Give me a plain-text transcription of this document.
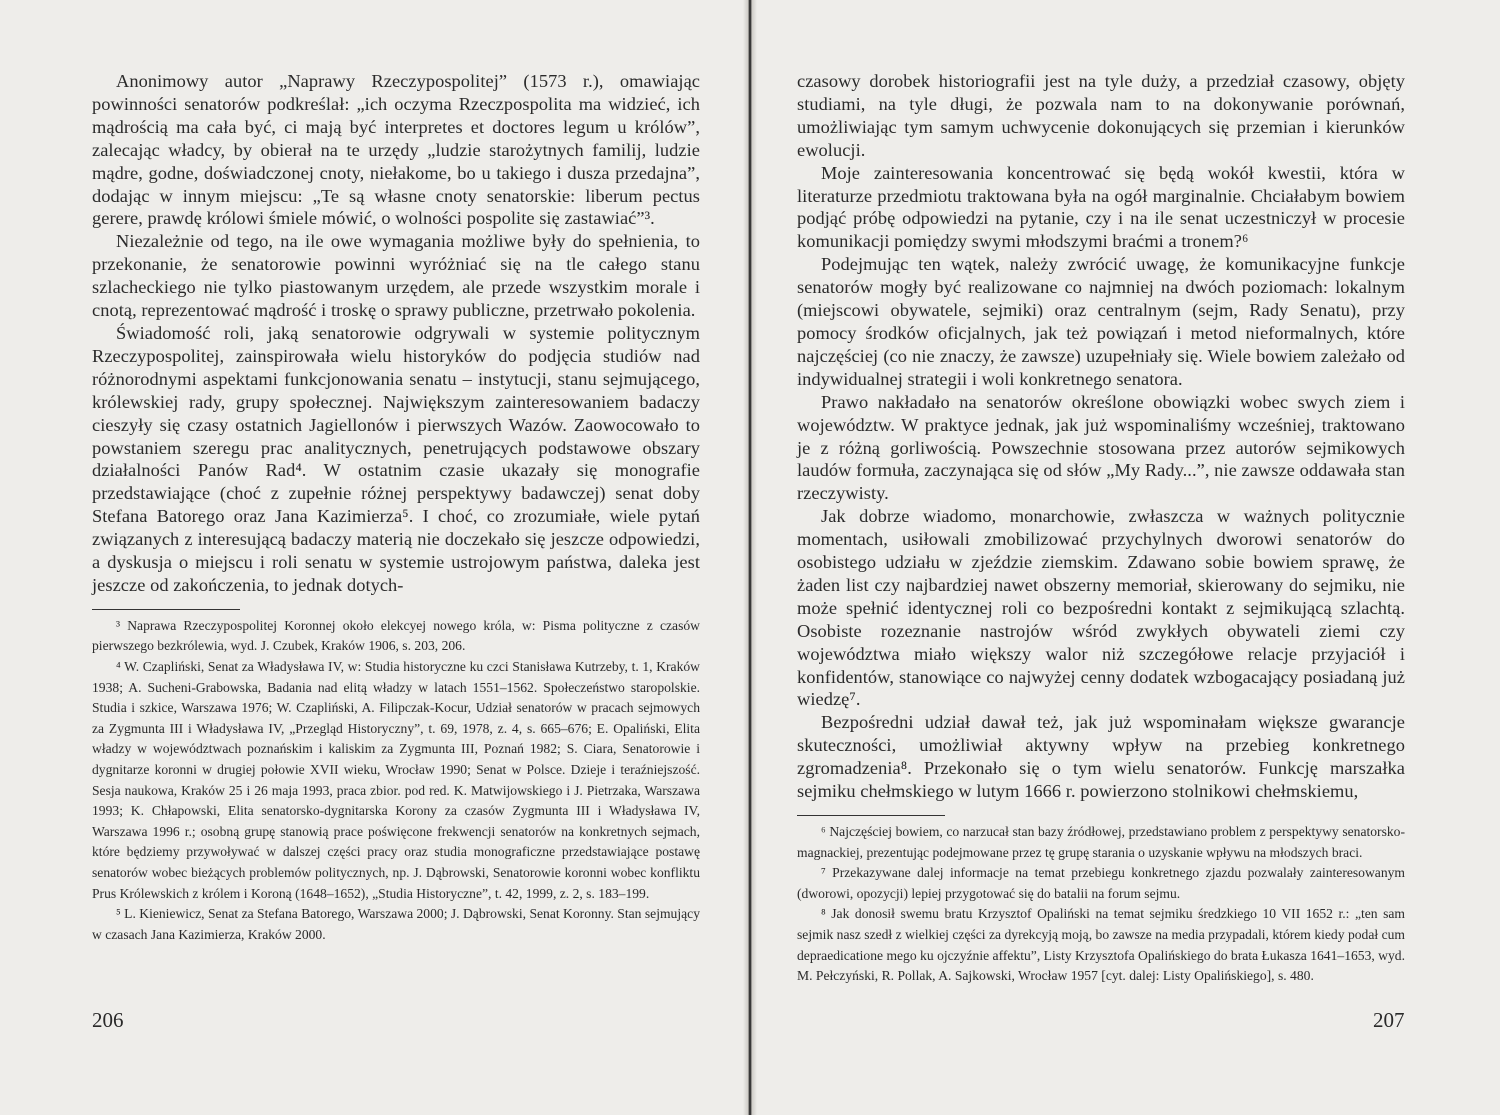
Anonimowy autor „Naprawy Rzeczypospolitej” (1573 r.), omawiając powinności senatorów podkreślał: „ich oczyma Rzeczpospolita ma widzieć, ich mądrością ma cała być, ci mają być interpretes et doctores legum u królów”, zalecając władcy, by obierał na te urzędy „ludzie starożytnych familij, ludzie mądre, godne, doświadczonej cnoty, niełakome, bo u takiego i dusza przedajna”, dodając w innym miejscu: „Te są własne cnoty senatorskie: liberum pectus gerere, prawdę królowi śmiele mówić, o wolności pospolite się zastawiać”³.

Niezależnie od tego, na ile owe wymagania możliwe były do spełnienia, to przekonanie, że senatorowie powinni wyróżniać się na tle całego stanu szlacheckiego nie tylko piastowanym urzędem, ale przede wszystkim morale i cnotą, reprezentować mądrość i troskę o sprawy publiczne, przetrwało pokolenia.

Świadomość roli, jaką senatorowie odgrywali w systemie politycznym Rzeczypospolitej, zainspirowała wielu historyków do podjęcia studiów nad różnorodnymi aspektami funkcjonowania senatu – instytucji, stanu sejmującego, królewskiej rady, grupy społecznej. Największym zainteresowaniem badaczy cieszyły się czasy ostatnich Jagiellonów i pierwszych Wazów. Zaowocowało to powstaniem szeregu prac analitycznych, penetrujących podstawowe obszary działalności Panów Rad⁴. W ostatnim czasie ukazały się monografie przedstawiające (choć z zupełnie różnej perspektywy badawczej) senat doby Stefana Batorego oraz Jana Kazimierza⁵. I choć, co zrozumiałe, wiele pytań związanych z interesującą badaczy materią nie doczekało się jeszcze odpowiedzi, a dyskusja o miejscu i roli senatu w systemie ustrojowym państwa, daleka jest jeszcze od zakończenia, to jednak dotych-

³ Naprawa Rzeczypospolitej Koronnej około elekcyej nowego króla, w: Pisma polityczne z czasów pierwszego bezkrólewia, wyd. J. Czubek, Kraków 1906, s. 203, 206.

⁴ W. Czapliński, Senat za Władysława IV, w: Studia historyczne ku czci Stanisława Kutrzeby, t. 1, Kraków 1938; A. Sucheni-Grabowska, Badania nad elitą władzy w latach 1551–1562. Społeczeństwo staropolskie. Studia i szkice, Warszawa 1976; W. Czapliński, A. Filipczak-Kocur, Udział senatorów w pracach sejmowych za Zygmunta III i Władysława IV, „Przegląd Historyczny”, t. 69, 1978, z. 4, s. 665–676; E. Opaliński, Elita władzy w województwach poznańskim i kaliskim za Zygmunta III, Poznań 1982; S. Ciara, Senatorowie i dygnitarze koronni w drugiej połowie XVII wieku, Wrocław 1990; Senat w Polsce. Dzieje i teraźniejszość. Sesja naukowa, Kraków 25 i 26 maja 1993, praca zbior. pod red. K. Matwijowskiego i J. Pietrzaka, Warszawa 1993; K. Chłapowski, Elita senatorsko-dygnitarska Korony za czasów Zygmunta III i Władysława IV, Warszawa 1996 r.; osobną grupę stanowią prace poświęcone frekwencji senatorów na konkretnych sejmach, które będziemy przywoływać w dalszej części pracy oraz studia monograficzne przedstawiające postawę senatorów wobec bieżących problemów politycznych, np. J. Dąbrowski, Senatorowie koronni wobec konfliktu Prus Królewskich z królem i Koroną (1648–1652), „Studia Historyczne”, t. 42, 1999, z. 2, s. 183–199.

⁵ L. Kieniewicz, Senat za Stefana Batorego, Warszawa 2000; J. Dąbrowski, Senat Koronny. Stan sejmujący w czasach Jana Kazimierza, Kraków 2000.

czasowy dorobek historiografii jest na tyle duży, a przedział czasowy, objęty studiami, na tyle długi, że pozwala nam to na dokonywanie porównań, umożliwiając tym samym uchwycenie dokonujących się przemian i kierunków ewolucji.

Moje zainteresowania koncentrować się będą wokół kwestii, która w literaturze przedmiotu traktowana była na ogół marginalnie. Chciałabym bowiem podjąć próbę odpowiedzi na pytanie, czy i na ile senat uczestniczył w procesie komunikacji pomiędzy swymi młodszymi braćmi a tronem?⁶

Podejmując ten wątek, należy zwrócić uwagę, że komunikacyjne funkcje senatorów mogły być realizowane co najmniej na dwóch poziomach: lokalnym (miejscowi obywatele, sejmiki) oraz centralnym (sejm, Rady Senatu), przy pomocy środków oficjalnych, jak też powiązań i metod nieformalnych, które najczęściej (co nie znaczy, że zawsze) uzupełniały się. Wiele bowiem zależało od indywidualnej strategii i woli konkretnego senatora.

Prawo nakładało na senatorów określone obowiązki wobec swych ziem i województw. W praktyce jednak, jak już wspominaliśmy wcześniej, traktowano je z różną gorliwością. Powszechnie stosowana przez autorów sejmikowych laudów formuła, zaczynająca się od słów „My Rady...”, nie zawsze oddawała stan rzeczywisty.

Jak dobrze wiadomo, monarchowie, zwłaszcza w ważnych politycznie momentach, usiłowali zmobilizować przychylnych dworowi senatorów do osobistego udziału w zjeździe ziemskim. Zdawano sobie bowiem sprawę, że żaden list czy najbardziej nawet obszerny memoriał, skierowany do sejmiku, nie może spełnić identycznej roli co bezpośredni kontakt z sejmikującą szlachtą. Osobiste rozeznanie nastrojów wśród zwykłych obywateli ziemi czy województwa miało większy walor niż szczegółowe relacje przyjaciół i konfidentów, stanowiące co najwyżej cenny dodatek wzbogacający posiadaną już wiedzę⁷.

Bezpośredni udział dawał też, jak już wspominałam większe gwarancje skuteczności, umożliwiał aktywny wpływ na przebieg konkretnego zgromadzenia⁸. Przekonało się o tym wielu senatorów. Funkcję marszałka sejmiku chełmskiego w lutym 1666 r. powierzono stolnikowi chełmskiemu,

⁶ Najczęściej bowiem, co narzucał stan bazy źródłowej, przedstawiano problem z perspektywy senatorsko-magnackiej, prezentując podejmowane przez tę grupę starania o uzyskanie wpływu na młodszych braci.

⁷ Przekazywane dalej informacje na temat przebiegu konkretnego zjazdu pozwalały zainteresowanym (dworowi, opozycji) lepiej przygotować się do batalii na forum sejmu.

⁸ Jak donosił swemu bratu Krzysztof Opaliński na temat sejmiku średzkiego 10 VII 1652 r.: „ten sam sejmik nasz szedł z wielkiej części za dyrekcyją moją, bo zawsze na media przypadali, którem kiedy podał cum depraedicatione mego ku ojczyźnie affektu”, Listy Krzysztofa Opalińskiego do brata Łukasza 1641–1653, wyd. M. Pełczyński, R. Pollak, A. Sajkowski, Wrocław 1957 [cyt. dalej: Listy Opalińskiego], s. 480.

206	207
